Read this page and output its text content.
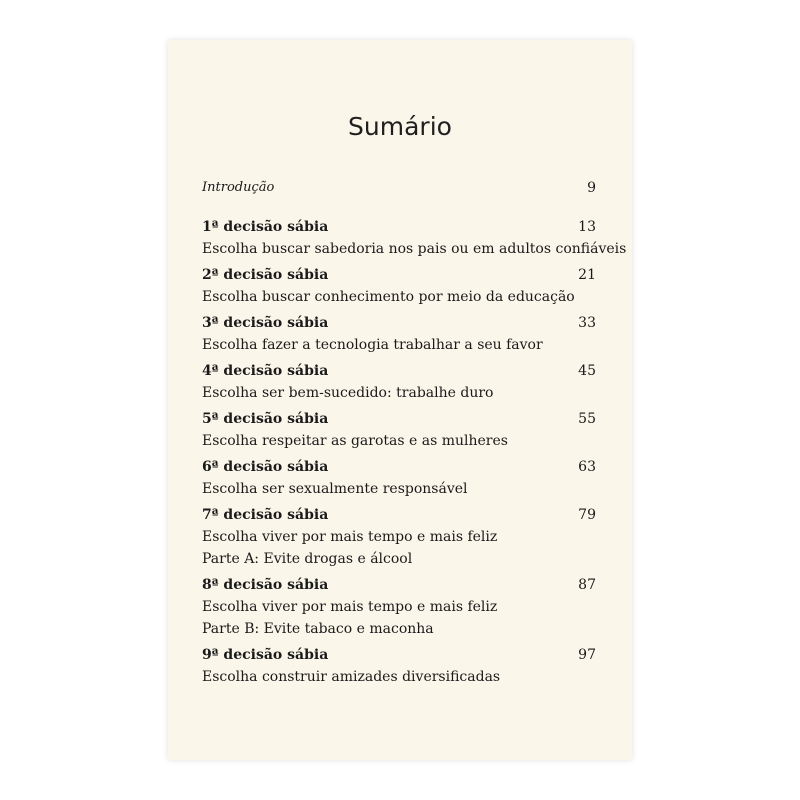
Sumário
Introdução	9
1ª decisão sábia	13
Escolha buscar sabedoria nos pais ou em adultos confiáveis
2ª decisão sábia	21
Escolha buscar conhecimento por meio da educação
3ª decisão sábia	33
Escolha fazer a tecnologia trabalhar a seu favor
4ª decisão sábia	45
Escolha ser bem-sucedido: trabalhe duro
5ª decisão sábia	55
Escolha respeitar as garotas e as mulheres
6ª decisão sábia	63
Escolha ser sexualmente responsável
7ª decisão sábia	79
Escolha viver por mais tempo e mais feliz
Parte A: Evite drogas e álcool
8ª decisão sábia	87
Escolha viver por mais tempo e mais feliz
Parte B: Evite tabaco e maconha
9ª decisão sábia	97
Escolha construir amizades diversificadas
